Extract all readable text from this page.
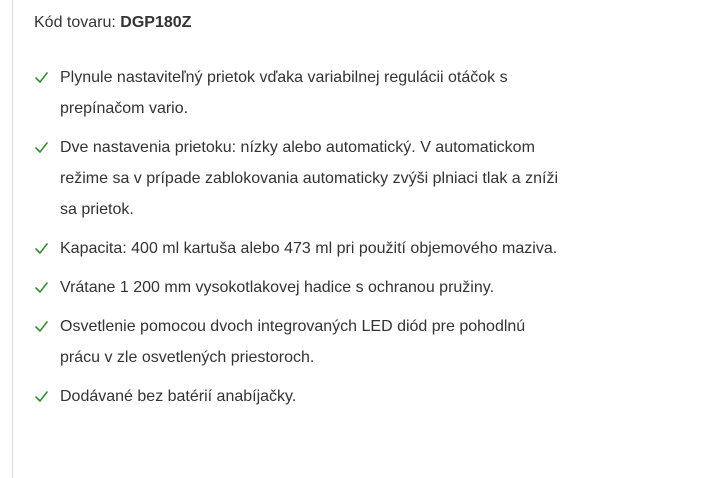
Kód tovaru: DGP180Z
Plynule nastaviteľný prietok vďaka variabilnej regulácii otáčok s prepínačom vario.
Dve nastavenia prietoku: nízky alebo automatický. V automatickom režime sa v prípade zablokovania automaticky zvýši plniaci tlak a zníži sa prietok.
Kapacita: 400 ml kartuša alebo 473 ml pri použití objemového maziva.
Vrátane 1 200 mm vysokotlakovej hadice s ochranou pružiny.
Osvetlenie pomocou dvoch integrovaných LED diód pre pohodlnú prácu v zle osvetlených priestoroch.
Dodávané bez batérií anabíjačky.
